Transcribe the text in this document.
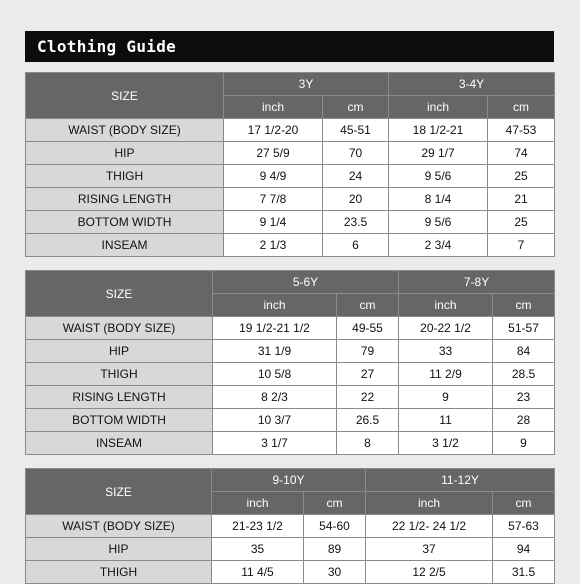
Clothing Guide
SIZE	3Y		3-4Y	
	inch	cm	inch	cm
WAIST (BODY SIZE)	17 1/2-20	45-51	18 1/2-21	47-53
HIP	27 5/9	70	29 1/7	74
THIGH	9 4/9	24	9 5/6	25
RISING LENGTH	7 7/8	20	8 1/4	21
BOTTOM WIDTH	9 1/4	23.5	9 5/6	25
INSEAM	2 1/3	6	2 3/4	7
SIZE	5-6Y		7-8Y	
	inch	cm	inch	cm
WAIST (BODY SIZE)	19 1/2-21 1/2	49-55	20-22 1/2	51-57
HIP	31 1/9	79	33	84
THIGH	10 5/8	27	11 2/9	28.5
RISING LENGTH	8 2/3	22	9	23
BOTTOM WIDTH	10 3/7	26.5	11	28
INSEAM	3 1/7	8	3 1/2	9
SIZE	9-10Y		11-12Y	
	inch	cm	inch	cm
WAIST (BODY SIZE)	21-23 1/2	54-60	22 1/2- 24 1/2	57-63
HIP	35	89	37	94
THIGH	11 4/5	30	12 2/5	31.5
